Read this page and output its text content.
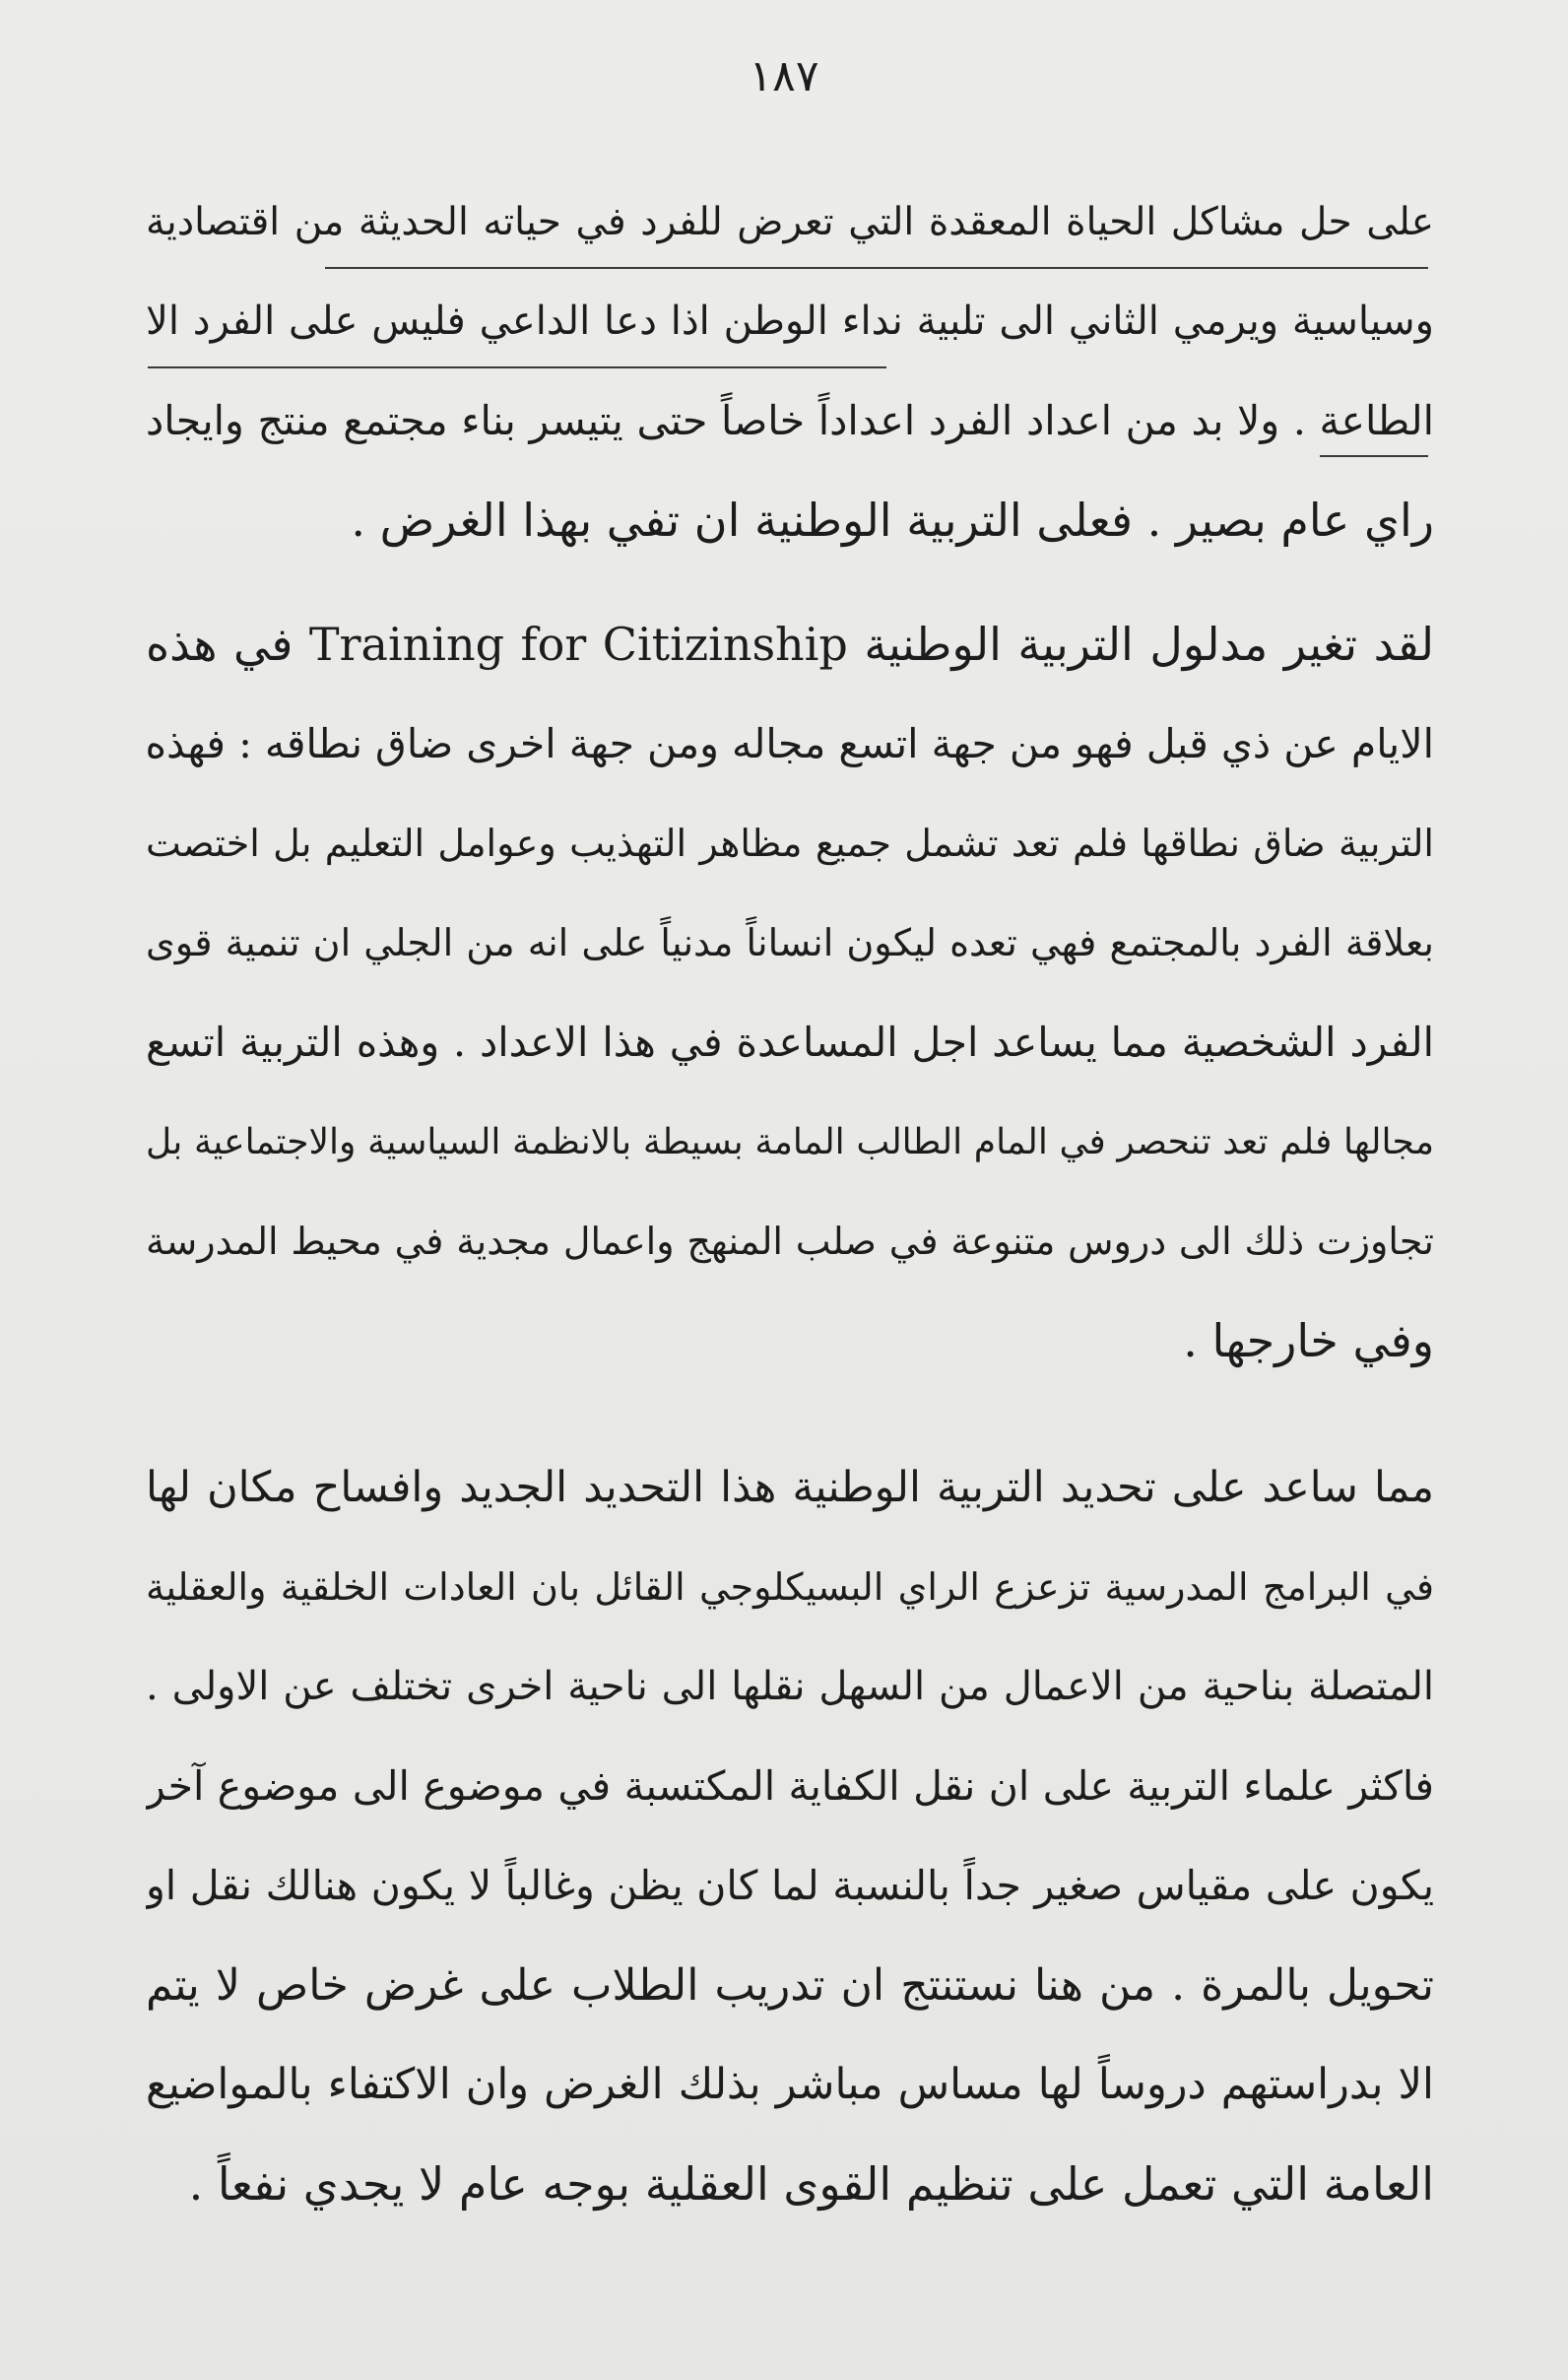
١٨٧
على حل مشاكل الحياة المعقدة التي تعرض للفرد في حياته الحديثة من اقتصادية
وسياسية ويرمي الثاني الى تلبية نداء الوطن اذا دعا الداعي فليس على الفرد الا
الطاعة . ولا بد من اعداد الفرد اعداداً خاصاً حتى يتيسر بناء مجتمع منتج وايجاد
راي عام بصير . فعلى التربية الوطنية ان تفي بهذا الغرض .
لقد تغير مدلول التربية الوطنية Training for Citizinship في هذه
الايام عن ذي قبل فهو من جهة اتسع مجاله ومن جهة اخرى ضاق نطاقه : فهذه
التربية ضاق نطاقها فلم تعد تشمل جميع مظاهر التهذيب وعوامل التعليم بل اختصت
بعلاقة الفرد بالمجتمع فهي تعده ليكون انساناً مدنياً على انه من الجلي ان تنمية قوى
الفرد الشخصية مما يساعد اجل المساعدة في هذا الاعداد . وهذه التربية اتسع
مجالها فلم تعد تنحصر في المام الطالب المامة بسيطة بالانظمة السياسية والاجتماعية بل
تجاوزت ذلك الى دروس متنوعة في صلب المنهج واعمال مجدية في محيط المدرسة
وفي خارجها .
مما ساعد على تحديد التربية الوطنية هذا التحديد الجديد وافساح مكان لها
في البرامج المدرسية تزعزع الراي البسيكلوجي القائل بان العادات الخلقية والعقلية
المتصلة بناحية من الاعمال من السهل نقلها الى ناحية اخرى تختلف عن الاولى .
فاكثر علماء التربية على ان نقل الكفاية المكتسبة في موضوع الى موضوع آخر
يكون على مقياس صغير جداً بالنسبة لما كان يظن وغالباً لا يكون هنالك نقل او
تحويل بالمرة . من هنا نستنتج ان تدريب الطلاب على غرض خاص لا يتم
الا بدراستهم دروساً لها مساس مباشر بذلك الغرض وان الاكتفاء بالمواضيع
العامة التي تعمل على تنظيم القوى العقلية بوجه عام لا يجدي نفعاً .
